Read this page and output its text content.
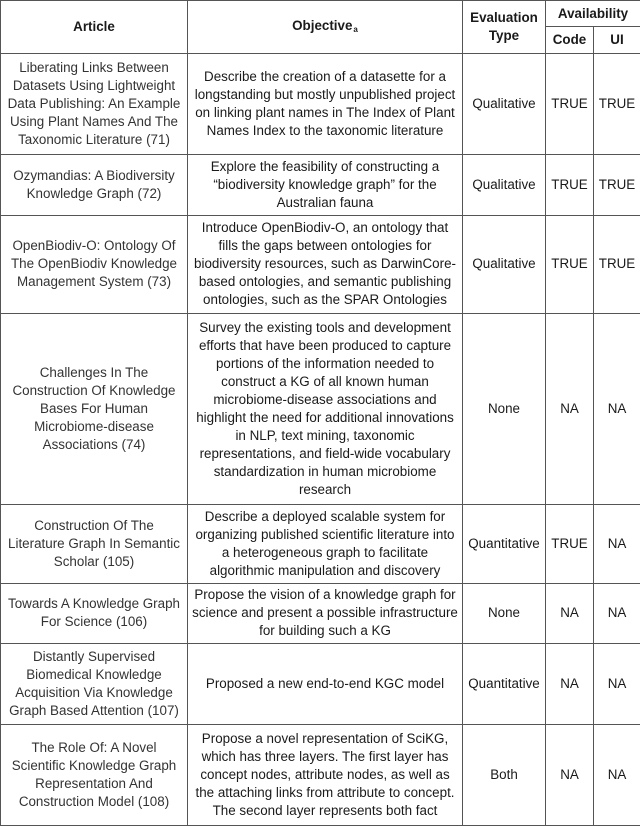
Article	Objective$^a$	Evaluation Type	Availability	
			Code	UI
Liberating Links Between Datasets Using Lightweight Data Publishing: An Example Using Plant Names And The Taxonomic Literature (71)	Describe the creation of a datasette for a longstanding but mostly unpublished project on linking plant names in The Index of Plant Names Index to the taxonomic literature	Qualitative	TRUE	TRUE
Ozymandias: A Biodiversity Knowledge Graph (72)	Explore the feasibility of constructing a “biodiversity knowledge graph” for the Australian fauna	Qualitative	TRUE	TRUE
OpenBiodiv-O: Ontology Of The OpenBiodiv Knowledge Management System (73)	Introduce OpenBiodiv-O, an ontology that fills the gaps between ontologies for biodiversity resources, such as DarwinCore-based ontologies, and semantic publishing ontologies, such as the SPAR Ontologies	Qualitative	TRUE	TRUE
Challenges In The Construction Of Knowledge Bases For Human Microbiome-disease Associations (74)	Survey the existing tools and development efforts that have been produced to capture portions of the information needed to construct a KG of all known human microbiome-disease associations and highlight the need for additional innovations in NLP, text mining, taxonomic representations, and field-wide vocabulary standardization in human microbiome research	None	NA	NA
Construction Of The Literature Graph In Semantic Scholar (105)	Describe a deployed scalable system for organizing published scientific literature into a heterogeneous graph to facilitate algorithmic manipulation and discovery	Quantitative	TRUE	NA
Towards A Knowledge Graph For Science (106)	Propose the vision of a knowledge graph for science and present a possible infrastructure for building such a KG	None	NA	NA
Distantly Supervised Biomedical Knowledge Acquisition Via Knowledge Graph Based Attention (107)	Proposed a new end-to-end KGC model	Quantitative	NA	NA
The Role Of: A Novel Scientific Knowledge Graph Representation And Construction Model (108)	Propose a novel representation of SciKG, which has three layers. The first layer has concept nodes, attribute nodes, as well as the attaching links from attribute to concept. The second layer represents both fact	Both	NA	NA
